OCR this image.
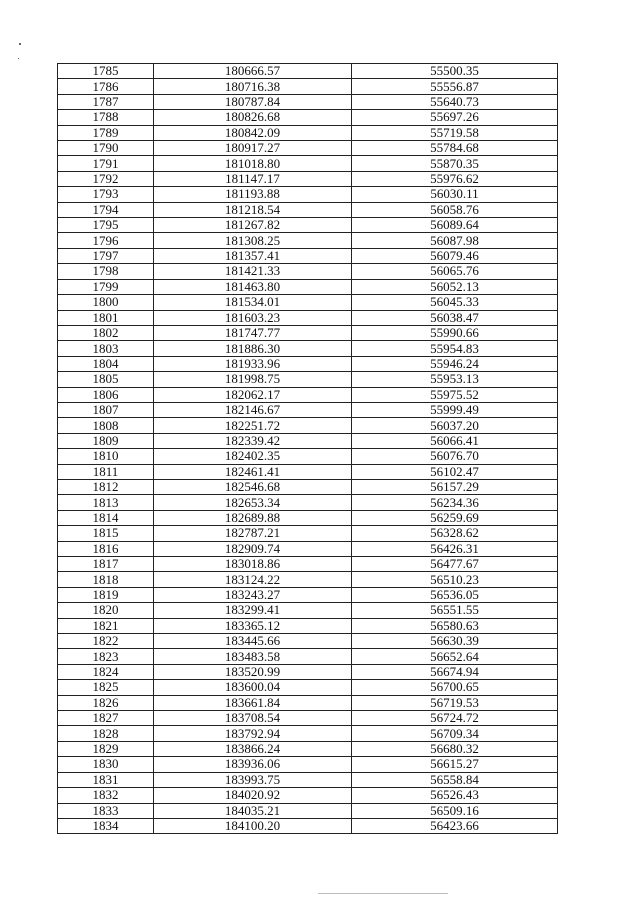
1785	180666.57	55500.35
1786	180716.38	55556.87
1787	180787.84	55640.73
1788	180826.68	55697.26
1789	180842.09	55719.58
1790	180917.27	55784.68
1791	181018.80	55870.35
1792	181147.17	55976.62
1793	181193.88	56030.11
1794	181218.54	56058.76
1795	181267.82	56089.64
1796	181308.25	56087.98
1797	181357.41	56079.46
1798	181421.33	56065.76
1799	181463.80	56052.13
1800	181534.01	56045.33
1801	181603.23	56038.47
1802	181747.77	55990.66
1803	181886.30	55954.83
1804	181933.96	55946.24
1805	181998.75	55953.13
1806	182062.17	55975.52
1807	182146.67	55999.49
1808	182251.72	56037.20
1809	182339.42	56066.41
1810	182402.35	56076.70
1811	182461.41	56102.47
1812	182546.68	56157.29
1813	182653.34	56234.36
1814	182689.88	56259.69
1815	182787.21	56328.62
1816	182909.74	56426.31
1817	183018.86	56477.67
1818	183124.22	56510.23
1819	183243.27	56536.05
1820	183299.41	56551.55
1821	183365.12	56580.63
1822	183445.66	56630.39
1823	183483.58	56652.64
1824	183520.99	56674.94
1825	183600.04	56700.65
1826	183661.84	56719.53
1827	183708.54	56724.72
1828	183792.94	56709.34
1829	183866.24	56680.32
1830	183936.06	56615.27
1831	183993.75	56558.84
1832	184020.92	56526.43
1833	184035.21	56509.16
1834	184100.20	56423.66
